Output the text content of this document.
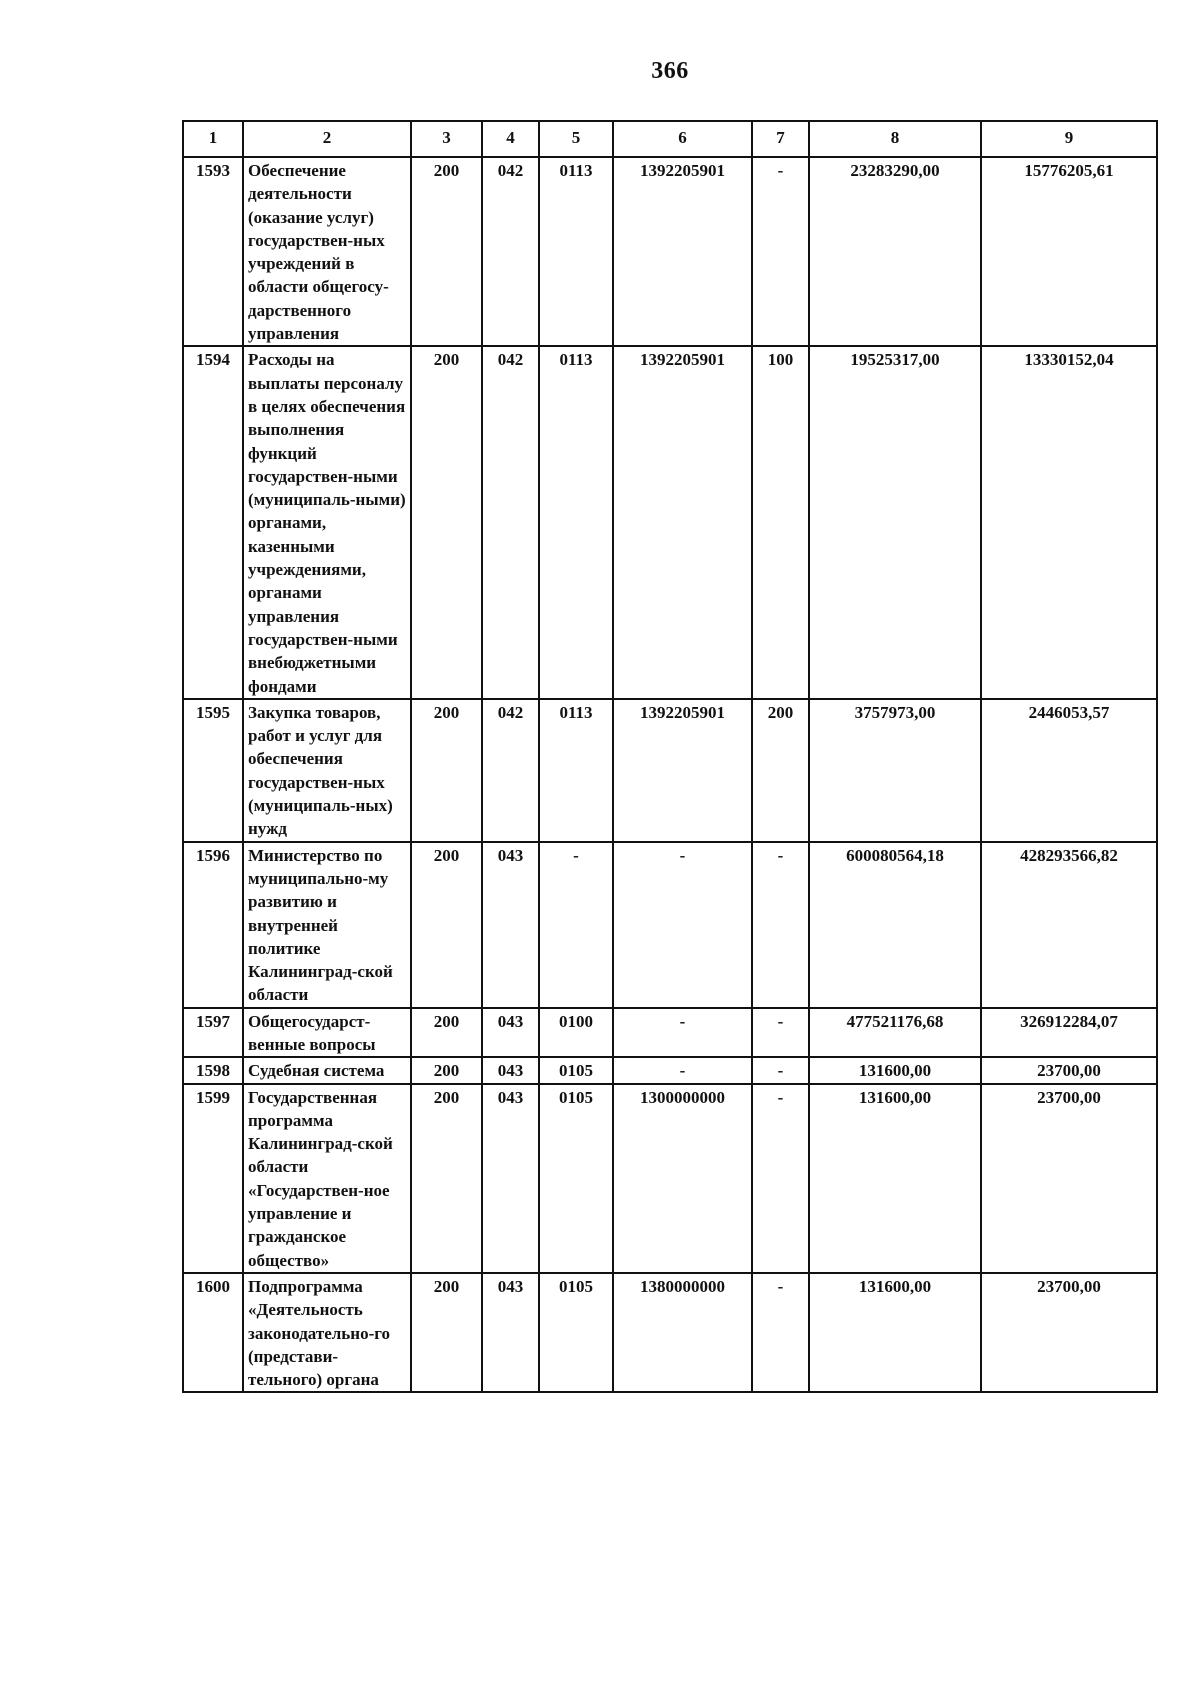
366
1	2	3	4	5	6	7	8	9
1593	Обеспечение деятельности (оказание услуг) государствен-ных учреждений в области общегосу-дарственного управления	200	042	0113	1392205901	-	23283290,00	15776205,61
1594	Расходы на выплаты персоналу в целях обеспечения выполнения функций государствен-ными (муниципаль-ными) органами, казенными учреждениями, органами управления государствен-ными внебюджетными фондами	200	042	0113	1392205901	100	19525317,00	13330152,04
1595	Закупка товаров, работ и услуг для обеспечения государствен-ных (муниципаль-ных) нужд	200	042	0113	1392205901	200	3757973,00	2446053,57
1596	Министерство по муниципально-му развитию и внутренней политике Калининград-ской области	200	043	-	-	-	600080564,18	428293566,82
1597	Общегосударст-венные вопросы	200	043	0100	-	-	477521176,68	326912284,07
1598	Судебная система	200	043	0105	-	-	131600,00	23700,00
1599	Государственная программа Калининград-ской области «Государствен-ное управление и гражданское общество»	200	043	0105	1300000000	-	131600,00	23700,00
1600	Подпрограмма «Деятельность законодательно-го (представи-тельного) органа	200	043	0105	1380000000	-	131600,00	23700,00
